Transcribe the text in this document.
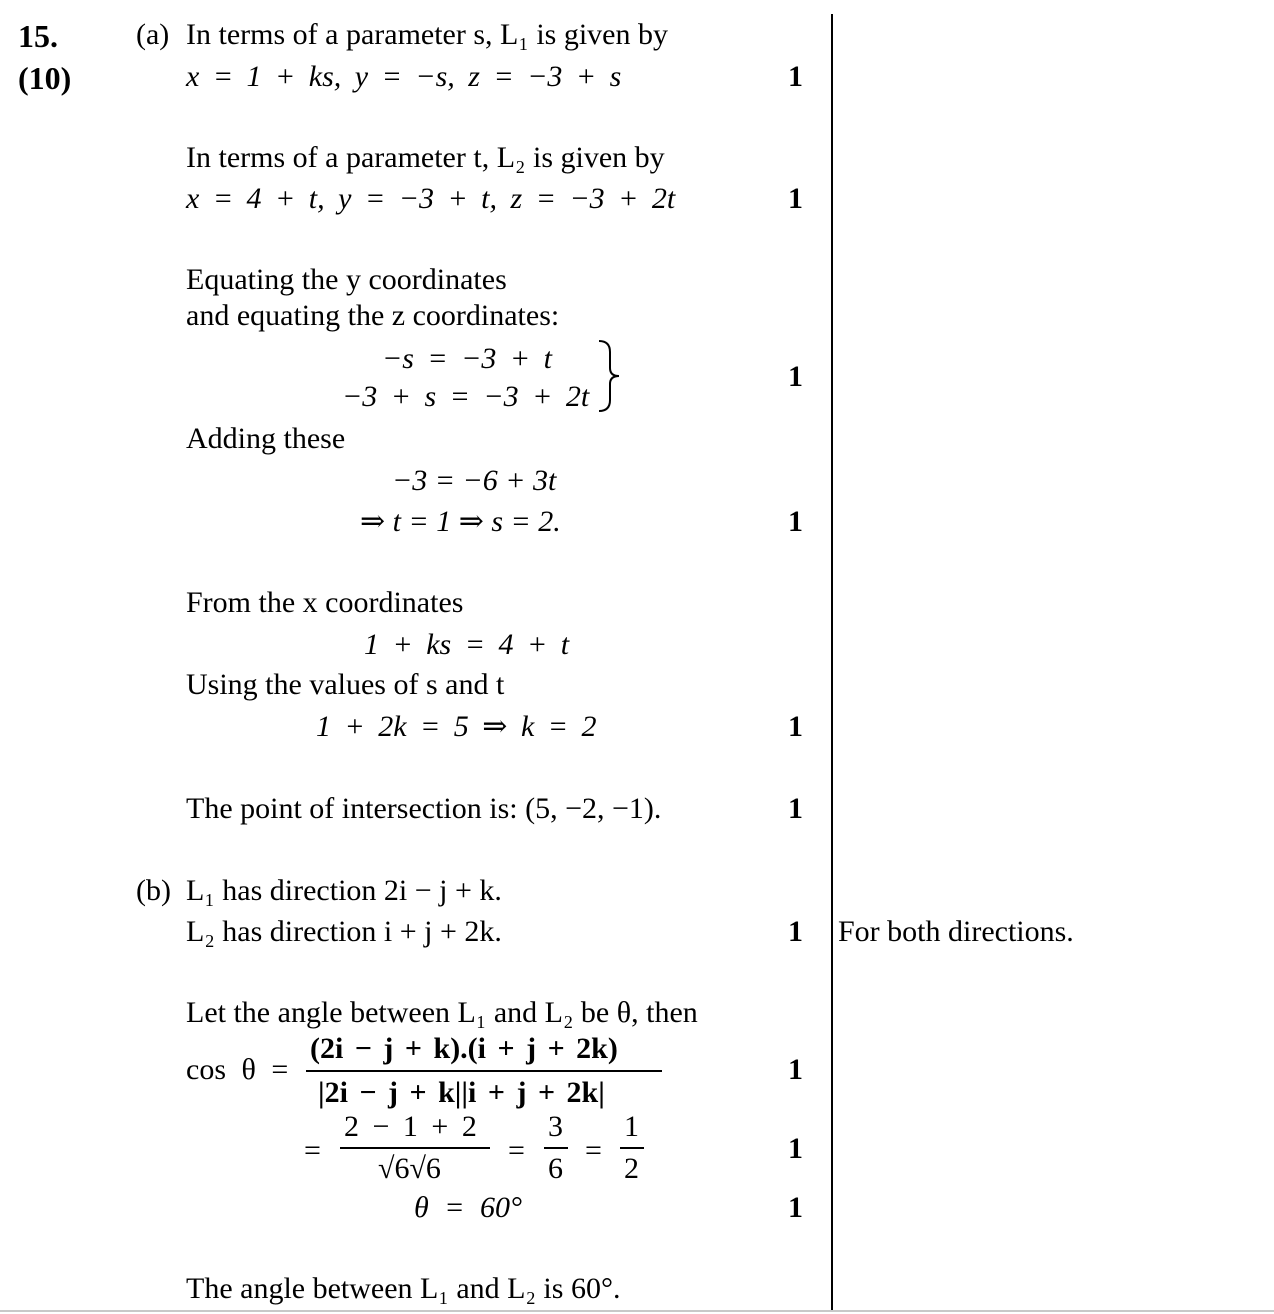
15.
(10)
(a) In terms of a parameter s, L₁ is given by
x = 1 + ks, y = −s, z = −3 + s	1
In terms of a parameter t, L₂ is given by
x = 4 + t, y = −3 + t, z = −3 + 2t	1
Equating the y coordinates
and equating the z coordinates:
−s = −3 + t
−3 + s = −3 + 2t
1
Adding these
−3 = −6 + 3t
⇒ t = 1 ⇒ s = 2.	1
From the x coordinates
1 + ks = 4 + t
Using the values of s and t
1 + 2k = 5 ⇒ k = 2	1
The point of intersection is: (5, −2, −1).	1
(b) L₁ has direction 2i − j + k.
L₂ has direction i + j + 2k.	1 For both directions.
Let the angle between L₁ and L₂ be θ, then
cos θ =
(2i − j + k).(i + j + 2k)
|2i − j + k||i + j + 2k|
1
=
2 − 1 + 2
√6√6
=
3
6
=
1
2
1
θ = 60°	1
The angle between L₁ and L₂ is 60°.
